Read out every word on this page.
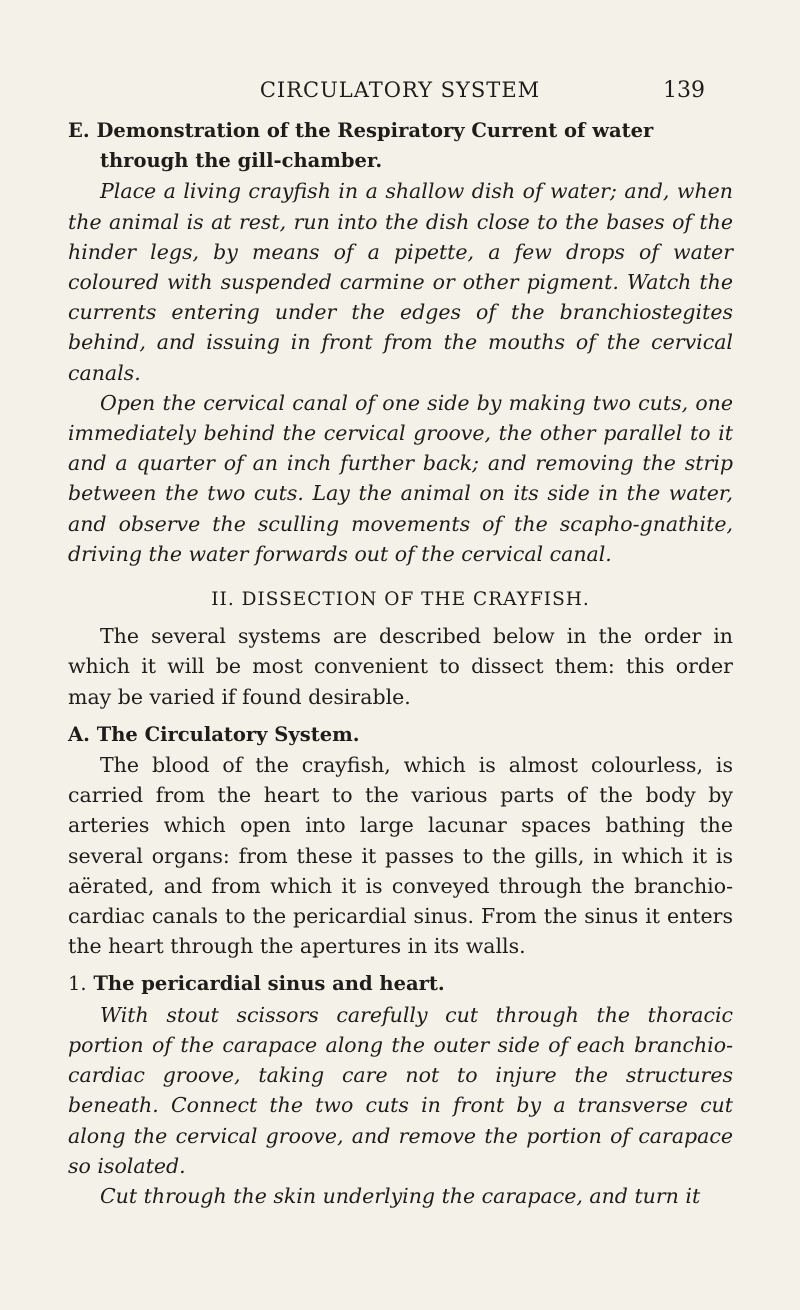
CIRCULATORY SYSTEM	139

E. Demonstration of the Respiratory Current of water through the gill-chamber.

Place a living crayfish in a shallow dish of water; and, when the animal is at rest, run into the dish close to the bases of the hinder legs, by means of a pipette, a few drops of water coloured with suspended carmine or other pigment. Watch the currents entering under the edges of the branchiostegites behind, and issuing in front from the mouths of the cervical canals.

Open the cervical canal of one side by making two cuts, one immediately behind the cervical groove, the other parallel to it and a quarter of an inch further back; and removing the strip between the two cuts. Lay the animal on its side in the water, and observe the sculling movements of the scapho-gnathite, driving the water forwards out of the cervical canal.

II. DISSECTION OF THE CRAYFISH.

The several systems are described below in the order in which it will be most convenient to dissect them: this order may be varied if found desirable.

A. The Circulatory System.

The blood of the crayfish, which is almost colourless, is carried from the heart to the various parts of the body by arteries which open into large lacunar spaces bathing the several organs: from these it passes to the gills, in which it is aërated, and from which it is conveyed through the branchio-cardiac canals to the pericardial sinus. From the sinus it enters the heart through the apertures in its walls.

1. The pericardial sinus and heart.

With stout scissors carefully cut through the thoracic portion of the carapace along the outer side of each branchio-cardiac groove, taking care not to injure the structures beneath. Connect the two cuts in front by a transverse cut along the cervical groove, and remove the portion of carapace so isolated.

Cut through the skin underlying the carapace, and turn it
